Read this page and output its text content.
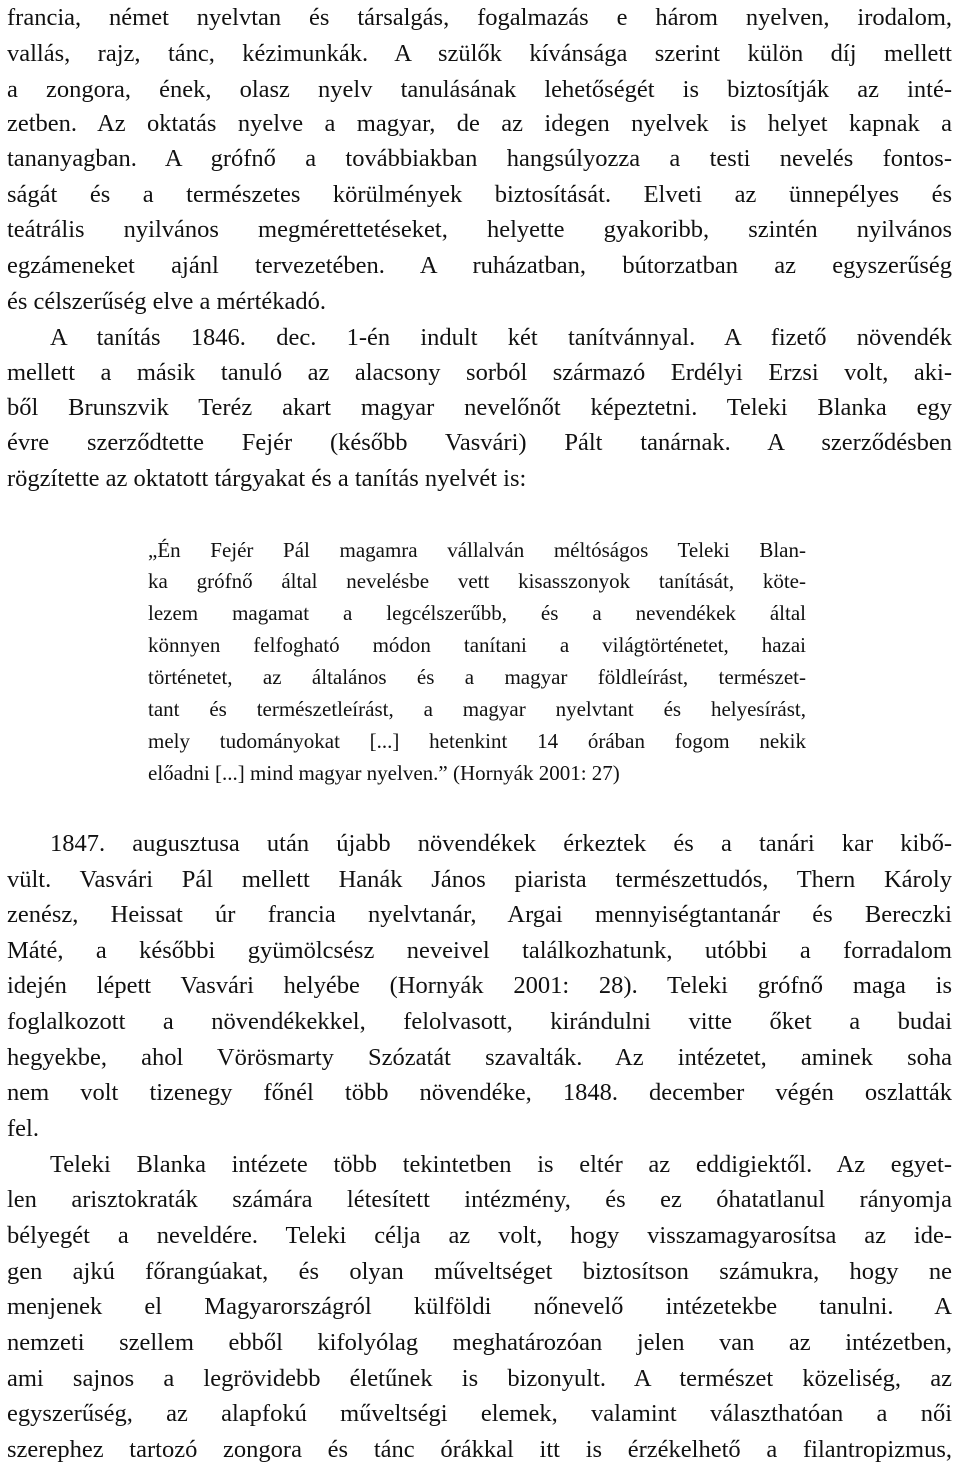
francia, német nyelvtan és társalgás, fogalmazás e három nyelven, irodalom,

vallás, rajz, tánc, kézimunkák. A szülők kívánsága szerint külön díj mellett

a zongora, ének, olasz nyelv tanulásának lehetőségét is biztosítják az inté-

zetben. Az oktatás nyelve a magyar, de az idegen nyelvek is helyet kapnak a

tananyagban. A grófnő a továbbiakban hangsúlyozza a testi nevelés fontos-

ságát és a természetes körülmények biztosítását. Elveti az ünnepélyes és

teátrális nyilvános megmérettetéseket, helyette gyakoribb, szintén nyilvános

egzámeneket ajánl tervezetében. A ruházatban, bútorzatban az egyszerűség

és célszerűség elve a mértékadó.

A tanítás 1846. dec. 1-én indult két tanítvánnyal. A fizető növendék

mellett a másik tanuló az alacsony sorból származó Erdélyi Erzsi volt, aki-

ből Brunszvik Teréz akart magyar nevelőnőt képeztetni. Teleki Blanka egy

évre szerződtette Fejér (később Vasvári) Pált tanárnak. A szerződésben

rögzítette az oktatott tárgyakat és a tanítás nyelvét is:

„Én Fejér Pál magamra vállalván méltóságos Teleki Blan-

ka grófnő által nevelésbe vett kisasszonyok tanítását, köte-

lezem magamat a legcélszerűbb, és a nevendékek által

könnyen felfogható módon tanítani a világtörténetet, hazai

történetet, az általános és a magyar földleírást, természet-

tant és természetleírást, a magyar nyelvtant és helyesírást,

mely tudományokat [...] hetenkint 14 órában fogom nekik

előadni [...] mind magyar nyelven.” (Hornyák 2001: 27)

1847. augusztusa után újabb növendékek érkeztek és a tanári kar kibő-

vült. Vasvári Pál mellett Hanák János piarista természettudós, Thern Károly

zenész, Heissat úr francia nyelvtanár, Argai mennyiségtantanár és Bereczki

Máté, a későbbi gyümölcsész neveivel találkozhatunk, utóbbi a forradalom

idején lépett Vasvári helyébe (Hornyák 2001: 28). Teleki grófnő maga is

foglalkozott a növendékekkel, felolvasott, kirándulni vitte őket a budai

hegyekbe, ahol Vörösmarty Szózatát szavalták. Az intézetet, aminek soha

nem volt tizenegy főnél több növendéke, 1848. december végén oszlatták

fel.

Teleki Blanka intézete több tekintetben is eltér az eddigiektől. Az egyet-

len arisztokraták számára létesített intézmény, és ez óhatatlanul rányomja

bélyegét a neveldére. Teleki célja az volt, hogy visszamagyarosítsa az ide-

gen ajkú főrangúakat, és olyan műveltséget biztosítson számukra, hogy ne

menjenek el Magyarországról külföldi nőnevelő intézetekbe tanulni. A

nemzeti szellem ebből kifolyólag meghatározóan jelen van az intézetben,

ami sajnos a legrövidebb életűnek is bizonyult. A természet közeliség, az

egyszerűség, az alapfokú műveltségi elemek, valamint választhatóan a női

szerephez tartozó zongora és tánc órákkal itt is érzékelhető a filantropizmus,
